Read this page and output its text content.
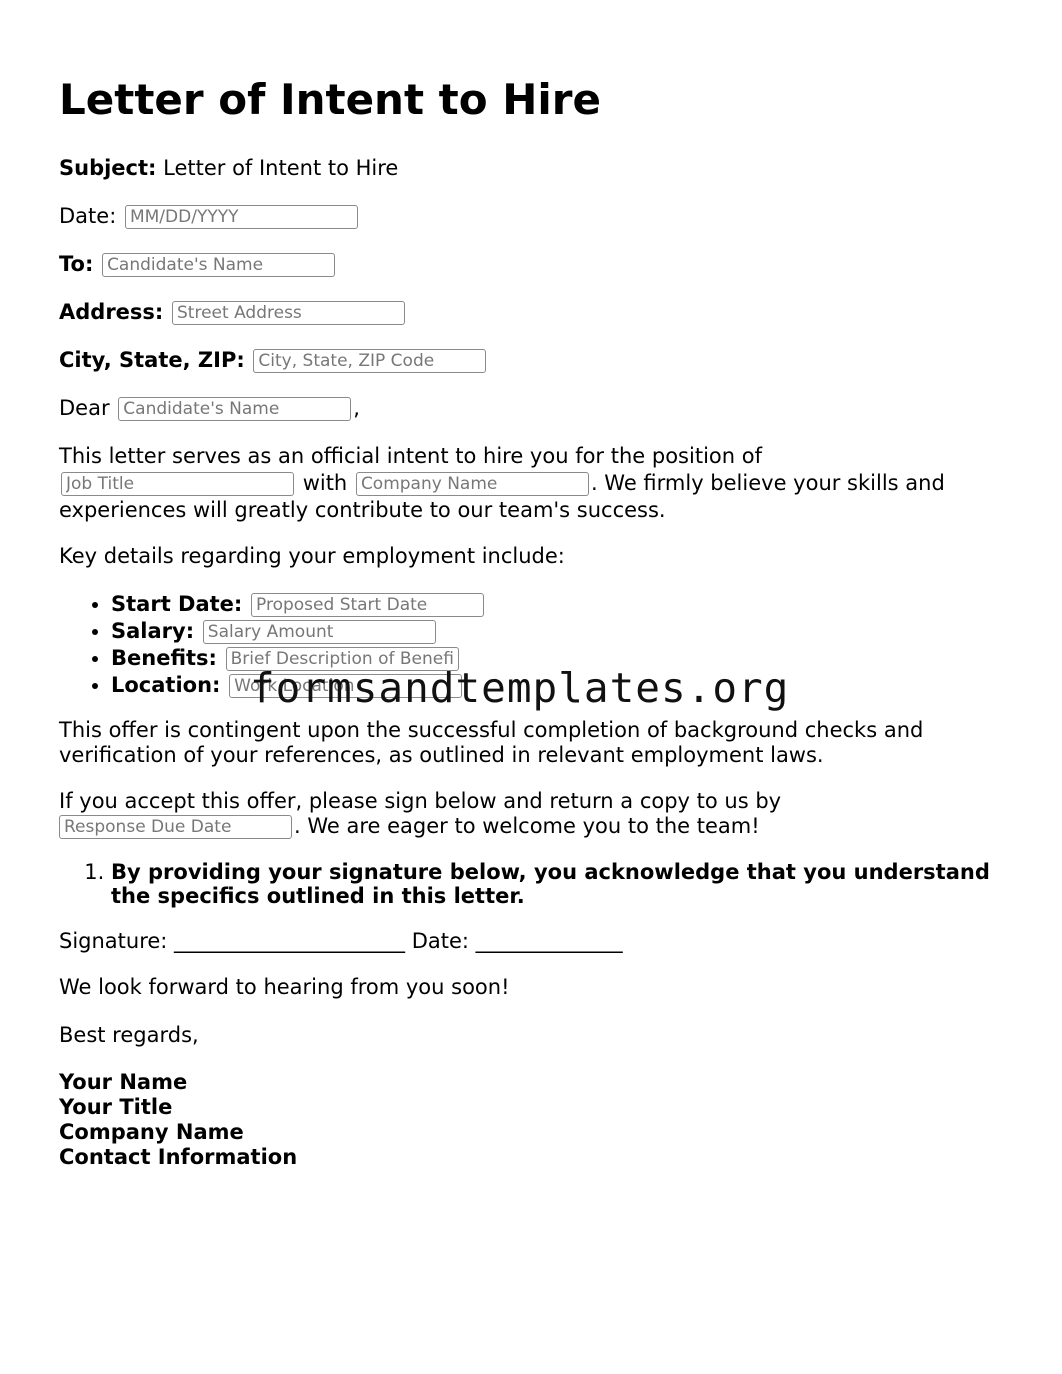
Letter of Intent to Hire
Subject: Letter of Intent to Hire
Date: MM/DD/YYYY
To: Candidate's Name
Address: Street Address
City, State, ZIP: City, State, ZIP Code
Dear Candidate's Name	,
This letter serves as an official intent to hire you for the position of Job Title with Company Name	. We firmly believe your skills and experiences will greatly contribute to our team's success.
Key details regarding your employment include:
• Start Date: Proposed Start Date
• Salary: Salary Amount
• Benefits: Brief Description of Benefits
• Location: Work Location
This offer is contingent upon the successful completion of background checks and verification of your references, as outlined in relevant employment laws.
If you accept this offer, please sign below and return a copy to us by
Response Due Date. We are eager to welcome you to the team!
1. By providing your signature below, you acknowledge that you understand the specifics outlined in this letter.
Signature: ______________________ Date: ______________
We look forward to hearing from you soon!
Best regards,
Your Name
Your Title
Company Name
Contact Information
formsandtemplates.org
